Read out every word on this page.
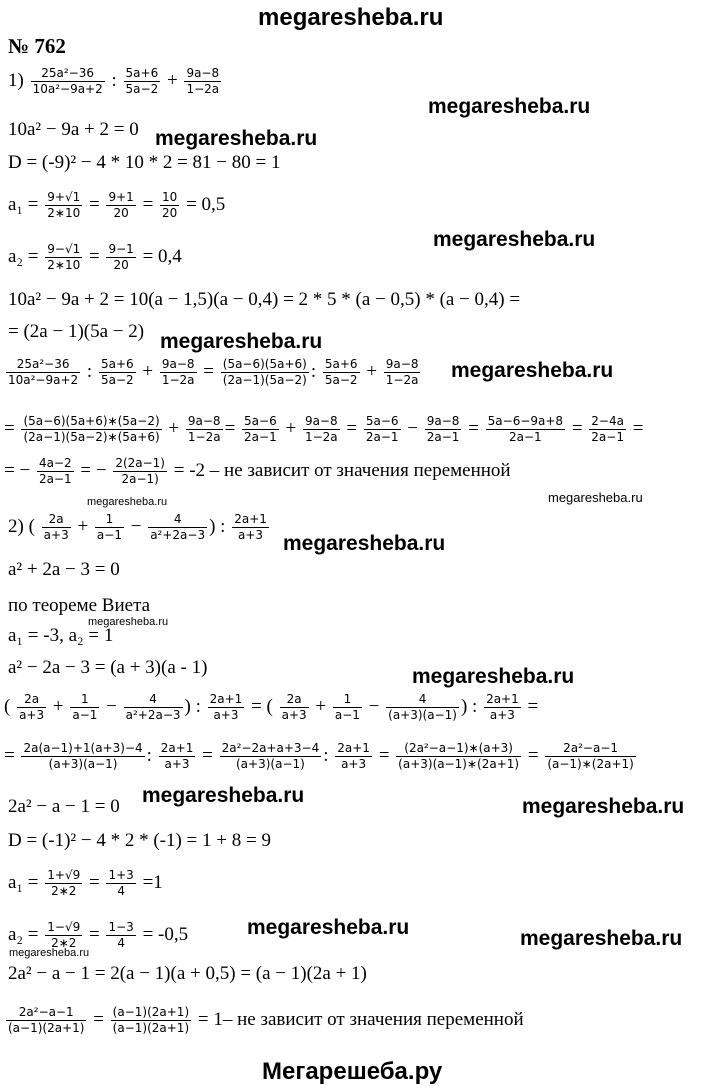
megaresheba.ru
№ 762
megaresheba.ru
megaresheba.ru
megaresheba.ru
megaresheba.ru
megaresheba.ru
megaresheba.ru	megaresheba.ru
megaresheba.ru
megaresheba.ru
megaresheba.ru
megaresheba.ru	megaresheba.ru
megaresheba.ru	megaresheba.ru
megaresheba.ru
$1) \frac{\text{25a²−36}}{\text{10a²−9a+2}}$ : $\frac{5a+6}{5a-2} + \frac{9a-8}{1-2a}$
10a² − 9a + 2 = 0
D = (-9)² − 4 * 10 * 2 = 81 − 80 = 1
$a_1 = \frac{9+√1}{2∗10} = \frac{9+1}{20} = \frac{10}{20} = 0,5$
$a_2 = \frac{9-√1}{2∗10} = \frac{9-1}{20} = 0,4$
10a² − 9a + 2 = 10(a − 1,5)(a − 0,4) = 2 * 5 * (a − 0,5) * (a − 0,4) =
= (2a − 1)(5a − 2)
$\frac{\text{25a²−36}}{\text{10a²−9a+2}}$ : $\frac{5a+6}{5a-2} + \frac{9a-8}{1-2a} = \frac{(5a-6)(5a+6)}{(2a-1)(5a-2)}$ : $\frac{5a+6}{5a-2} + \frac{9a-8}{1-2a}$
= $\frac{(5a-6)(5a+6)∗(5a-2)}{(2a-1)(5a-2)∗(5a+6)} + \frac{9a-8}{1-2a} = \frac{5a-6}{2a-1} + \frac{9a-8}{1-2a} = \frac{5a-6}{2a-1} - \frac{9a-8}{2a-1} = \frac{5a-6-9a+8}{2a-1} = \frac{2-4a}{2a-1}$ =
= − $\frac{4a-2}{2a-1}$ = − $\frac{2(2a-1)}{2a-1)} = -2$ – не зависит от значения переменной
2) ( $\frac{2a}{a+3} + \frac{1}{a-1} - \frac{4}{\text{a²+2a−3}}$ ) : $\frac{2a+1}{a+3}$
a² + 2a − 3 = 0
по теореме Виета
a₁ = -3, a₂ = 1
a² − 2a − 3 = (a + 3)(a - 1)
( $\frac{2a}{a+3} + \frac{1}{a-1} - \frac{4}{\text{a²+2a−3}}$ ) : $\frac{2a+1}{a+3}$ = ( $\frac{2a}{a+3} + \frac{1}{a-1} - \frac{4}{(a+3)(a-1)}$ ) : $\frac{2a+1}{a+3}$ =
= $\frac{2a(a-1)+1(a+3)-4}{(a+3)(a-1)}$ : $\frac{2a+1}{a+3} = \frac{\text{2a²−2a+a+3−4}}{(a+3)(a-1)}$ : $\frac{2a+1}{a+3} = \frac{\text{(2a²−a−1)∗(a+3)}}{(a+3)(a-1)∗(2a+1)} = \frac{\text{2a²−a−1}}{(a-1)∗(2a+1)}$
2a² − a − 1 = 0
D = (-1)² − 4 * 2 * (-1) = 1 + 8 = 9
$a_1 = \frac{1+√9}{2∗2} = \frac{1+3}{4} =1$
$a_2 = \frac{1-√9}{2∗2} = \frac{1-3}{4} = -0,5$
2a² − a − 1 = 2(a − 1)(a + 0,5) = (a − 1)(2a + 1)
$\frac{\text{2a²−a−1}}{(a-1)(2a+1)} = \frac{(a-1)(2a+1)}{(a-1)(2a+1)} = 1-$ не зависит от значения переменной
Мегарешеба.ру
